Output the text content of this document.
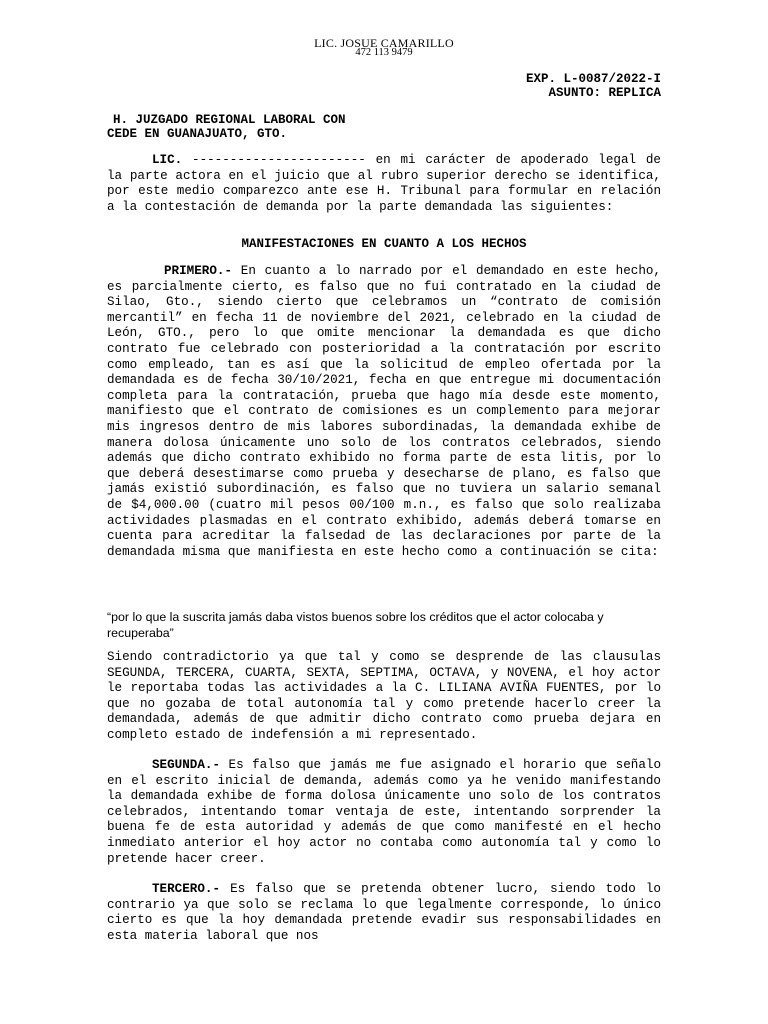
LIC. JOSUE CAMARILLO
472 113 9479
EXP. L-0087/2022-I
ASUNTO: REPLICA
H. JUZGADO REGIONAL LABORAL CON
CEDE EN GUANAJUATO, GTO.

LIC. ----------------------- en mi carácter de apoderado legal de la parte actora en el juicio que al rubro superior derecho se identifica, por este medio comparezco ante ese H. Tribunal para formular en relación a la contestación de demanda por la parte demandada las siguientes:

MANIFESTACIONES EN CUANTO A LOS HECHOS

PRIMERO.- En cuanto a lo narrado por el demandado en este hecho, es parcialmente cierto, es falso que no fui contratado en la ciudad de Silao, Gto., siendo cierto que celebramos un “contrato de comisión mercantil” en fecha 11 de noviembre del 2021, celebrado en la ciudad de León, GTO., pero lo que omite mencionar la demandada es que dicho contrato fue celebrado con posterioridad a la contratación por escrito como empleado, tan es así que la solicitud de empleo ofertada por la demandada es de fecha 30/10/2021, fecha en que entregue mi documentación completa para la contratación, prueba que hago mía desde este momento, manifiesto que el contrato de comisiones es un complemento para mejorar mis ingresos dentro de mis labores subordinadas, la demandada exhibe de manera dolosa únicamente uno solo de los contratos celebrados, siendo además que dicho contrato exhibido no forma parte de esta litis, por lo que deberá desestimarse como prueba y desecharse de plano, es falso que jamás existió subordinación, es falso que no tuviera un salario semanal de $4,000.00 (cuatro mil pesos 00/100 m.n., es falso que solo realizaba actividades plasmadas en el contrato exhibido, además deberá tomarse en cuenta para acreditar la falsedad de las declaraciones por parte de la demandada misma que manifiesta en este hecho como a continuación se cita:

“por lo que la suscrita jamás daba vistos buenos sobre los créditos que el actor colocaba y recuperaba”

Siendo contradictorio ya que tal y como se desprende de las clausulas SEGUNDA, TERCERA, CUARTA, SEXTA, SEPTIMA, OCTAVA, y NOVENA, el hoy actor le reportaba todas las actividades a la C. LILIANA AVIÑA FUENTES, por lo que no gozaba de total autonomía tal y como pretende hacerlo creer la demandada, además de que admitir dicho contrato como prueba dejara en completo estado de indefensión a mi representado.

SEGUNDA.- Es falso que jamás me fue asignado el horario que señalo en el escrito inicial de demanda, además como ya he venido manifestando la demandada exhibe de forma dolosa únicamente uno solo de los contratos celebrados, intentando tomar ventaja de este, intentando sorprender la buena fe de esta autoridad y además de que como manifesté en el hecho inmediato anterior el hoy actor no contaba como autonomía tal y como lo pretende hacer creer.

TERCERO.- Es falso que se pretenda obtener lucro, siendo todo lo contrario ya que solo se reclama lo que legalmente corresponde, lo único cierto es que la hoy demandada pretende evadir sus responsabilidades en esta materia laboral que nos
